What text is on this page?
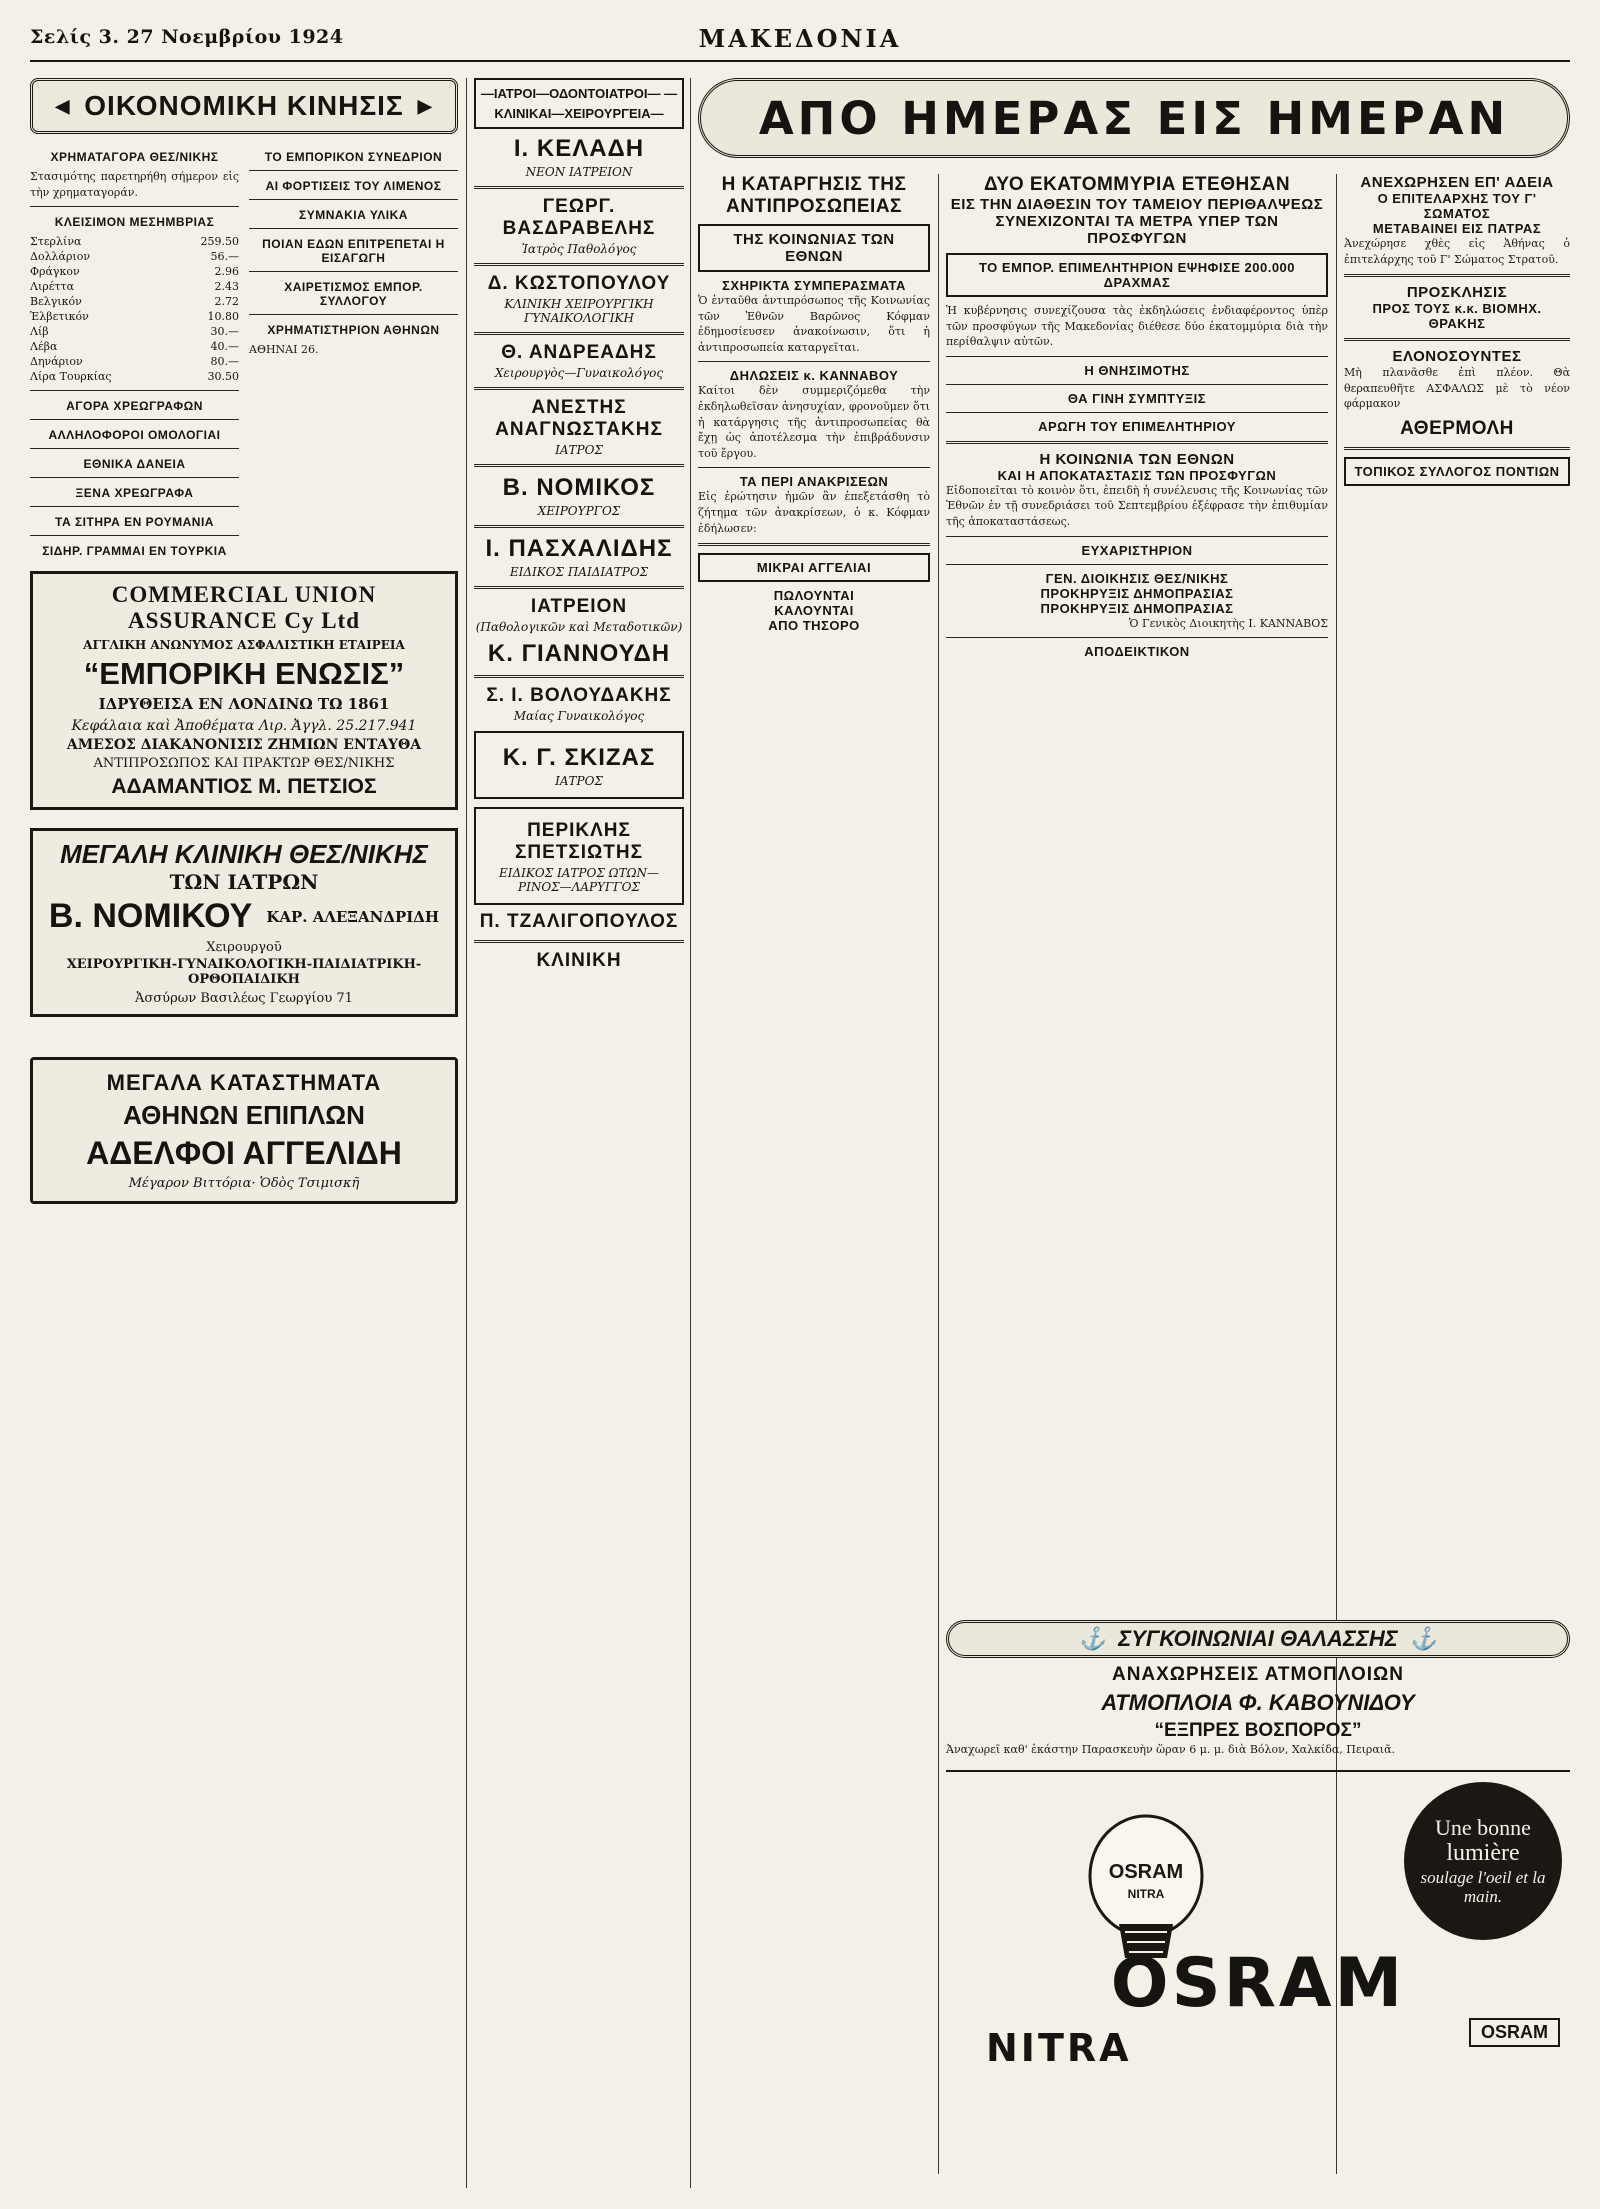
Σελίς 3. 27 Νοεμβρίου 1924	ΜΑΚΕΔΟΝΙΑ
◀ ΟΙΚΟΝΟΜΙΚΗ ΚΙΝΗΣΙΣ ▶
ΧΡΗΜΑΤΑΓΟΡΑ ΘΕΣ/ΝΙΚΗΣ
Στασιμότης παρετηρήθη σήμερον εἰς τὴν χρηματαγοράν.
ΚΛΕΙΣΙΜΟΝ ΜΕΣΗΜΒΡΙΑΣ
Στερλίνα	259.50
Δολλάριον	56.—
Φράγκον	2.96
Λιρέττα	2.43
Βελγικόν	2.72
Ἑλβετικόν	10.80
Λίβ	30.—
Λέβα	40.—
Δηνάριον	80.—
Λίρα Τουρκίας	30.50
ΑΓΟΡΑ ΧΡΕΩΓΡΑΦΩΝ
ΑΛΛΗΛΟΦΟΡΟΙ ΟΜΟΛΟΓΙΑΙ
ΕΘΝΙΚΑ ΔΑΝΕΙΑ
ΞΕΝΑ ΧΡΕΩΓΡΑΦΑ
ΤΑ ΣΙΤΗΡΑ ΕΝ ΡΟΥΜΑΝΙΑ
ΣΙΔΗΡ. ΓΡΑΜΜΑΙ ΕΝ ΤΟΥΡΚΙΑ
ΤΟ ΕΜΠΟΡΙΚΟΝ ΣΥΝΕΔΡΙΟΝ
ΑΙ ΦΟΡΤΙΣΕΙΣ ΤΟΥ ΛΙΜΕΝΟΣ
ΣΥΜΝΑΚΙΑ ΥΛΙΚΑ
ΠΟΙΑΝ ΕΔΩΝ ΕΠΙΤΡΕΠΕΤΑΙ Η ΕΙΣΑΓΩΓΗ
ΧΑΙΡΕΤΙΣΜΟΣ ΕΜΠΟΡ. ΣΥΛΛΟΓΟΥ
ΧΡΗΜΑΤΙΣΤΗΡΙΟΝ ΑΘΗΝΩΝ
ΑΘΗΝΑΙ 26.
COMMERCIAL UNION ASSURANCE Cy Ltd
ΑΓΓΛΙΚΗ ΑΝΩΝΥΜΟΣ ΑΣΦΑΛΙΣΤΙΚΗ ΕΤΑΙΡΕΙΑ
“ΕΜΠΟΡΙΚΗ ΕΝΩΣΙΣ”
ΙΔΡΥΘΕΙΣΑ ΕΝ ΛΟΝΔΙΝΩ ΤΩ 1861
Κεφάλαια καὶ Ἀποθέματα Λιρ. Ἀγγλ. 25.217.941
ΑΜΕΣΟΣ ΔΙΑΚΑΝΟΝΙΣΙΣ ΖΗΜΙΩΝ ΕΝΤΑΥΘΑ
ΑΝΤΙΠΡΟΣΩΠΟΣ ΚΑΙ ΠΡΑΚΤΩΡ ΘΕΣ/ΝΙΚΗΣ
ΑΔΑΜΑΝΤΙΟΣ Μ. ΠΕΤΣΙΟΣ
ΜΕΓΑΛΗ ΚΛΙΝΙΚΗ ΘΕΣ/ΝΙΚΗΣ
ΤΩΝ ΙΑΤΡΩΝ
Β. ΝΟΜΙΚΟΥ ΚΑΡ. ΑΛΕΞΑΝΔΡΙΔΗ
Χειρουργοῦ
ΧΕΙΡΟΥΡΓΙΚΗ-ΓΥΝΑΙΚΟΛΟΓΙΚΗ-ΠΑΙΔΙΑΤΡΙΚΗ-ΟΡΘΟΠΑΙΔΙΚΗ
Ἀσσύρων Βασιλέως Γεωργίου 71
ΜΕΓΑΛΑ ΚΑΤΑΣΤΗΜΑΤΑ
ΑΘΗΝΩΝ ΕΠΙΠΛΩΝ
ΑΔΕΛΦΟΙ ΑΓΓΕΛΙΔΗ
Μέγαρον Βιττόρια· Ὁδὸς Τσιμισκῆ
—ΙΑΤΡΟΙ—ΟΔΟΝΤΟΙΑΤΡΟΙ— —ΚΛΙΝΙΚΑΙ—ΧΕΙΡΟΥΡΓΕΙΑ—
Ι. ΚΕΛΑΔΗ
ΝΕΟΝ ΙΑΤΡΕΙΟΝ
ΓΕΩΡΓ. ΒΑΣΔΡΑΒΕΛΗΣ
Ἰατρὸς Παθολόγος
Δ. ΚΩΣΤΟΠΟΥΛΟΥ
ΚΛΙΝΙΚΗ ΧΕΙΡΟΥΡΓΙΚΗ ΓΥΝΑΙΚΟΛΟΓΙΚΗ
Θ. ΑΝΔΡΕΑΔΗΣ
Χειρουργὸς—Γυναικολόγος
ΑΝΕΣΤΗΣ ΑΝΑΓΝΩΣΤΑΚΗΣ
ΙΑΤΡΟΣ
Β. ΝΟΜΙΚΟΣ
ΧΕΙΡΟΥΡΓΟΣ
Ι. ΠΑΣΧΑΛΙΔΗΣ
ΕΙΔΙΚΟΣ ΠΑΙΔΙΑΤΡΟΣ
ΙΑΤΡΕΙΟΝ
(Παθολογικῶν καὶ Μεταδοτικῶν)
Κ. ΓΙΑΝΝΟΥΔΗ
Σ. Ι. ΒΟΛΟΥΔΑΚΗΣ
Μαίας Γυναικολόγος
Κ. Γ. ΣΚΙΖΑΣ
ΙΑΤΡΟΣ
ΠΕΡΙΚΛΗΣ ΣΠΕΤΣΙΩΤΗΣ
ΕΙΔΙΚΟΣ ΙΑΤΡΟΣ ΩΤΩΝ—ΡΙΝΟΣ—ΛΑΡΥΓΓΟΣ
Π. ΤΖΑΛΙΓΟΠΟΥΛΟΣ
ΚΛΙΝΙΚΗ
ΑΠΟ ΗΜΕΡΑΣ ΕΙΣ ΗΜΕΡΑΝ
Η ΚΑΤΑΡΓΗΣΙΣ ΤΗΣ ΑΝΤΙΠΡΟΣΩΠΕΙΑΣ
ΤΗΣ ΚΟΙΝΩΝΙΑΣ ΤΩΝ ΕΘΝΩΝ
ΣΧΗΡΙΚΤΑ ΣΥΜΠΕΡΑΣΜΑΤΑ
Ὁ ἐνταῦθα ἀντιπρόσωπος τῆς Κοινωνίας τῶν Ἐθνῶν Βαρῶνος Κόφμαν ἐδημοσίευσεν ἀνακοίνωσιν, ὅτι ἡ ἀντιπροσωπεία καταργεῖται.
ΔΗΛΩΣΕΙΣ κ. ΚΑΝΝΑΒΟΥ
Καίτοι δὲν συμμεριζόμεθα τὴν ἐκδηλωθεῖσαν ἀνησυχίαν, φρονοῦμεν ὅτι ἡ κατάργησις τῆς ἀντιπροσωπείας θὰ ἔχῃ ὡς ἀποτέλεσμα τὴν ἐπιβράδυνσιν τοῦ ἔργου.
ΤΑ ΠΕΡΙ ΑΝΑΚΡΙΣΕΩΝ
Εἰς ἐρώτησιν ἡμῶν ἂν ἐπεξετάσθη τὸ ζήτημα τῶν ἀνακρίσεων, ὁ κ. Κόφμαν ἐδήλωσεν:
ΜΙΚΡΑΙ ΑΓΓΕΛΙΑΙ
ΠΩΛΟΥΝΤΑΙ
ΚΑΛΟΥΝΤΑΙ
ΑΠΟ ΤΗΣΟΡΟ
ΔΥΟ ΕΚΑΤΟΜΜΥΡΙΑ ΕΤΕΘΗΣΑΝ
ΕΙΣ ΤΗΝ ΔΙΑΘΕΣΙΝ ΤΟΥ ΤΑΜΕΙΟΥ ΠΕΡΙΘΑΛΨΕΩΣ
ΣΥΝΕΧΙΖΟΝΤΑΙ ΤΑ ΜΕΤΡΑ ΥΠΕΡ ΤΩΝ ΠΡΟΣΦΥΓΩΝ
ΤΟ ΕΜΠΟΡ. ΕΠΙΜΕΛΗΤΗΡΙΟΝ ΕΨΗΦΙΣΕ 200.000 ΔΡΑΧΜΑΣ
Ἡ κυβέρνησις συνεχίζουσα τὰς ἐκδηλώσεις ἐνδιαφέροντος ὑπὲρ τῶν προσφύγων τῆς Μακεδονίας διέθεσε δύο ἑκατομμύρια διὰ τὴν περίθαλψιν αὐτῶν.
Η ΘΝΗΣΙΜΟΤΗΣ
ΘΑ ΓΙΝΗ ΣΥΜΠΤΥΞΙΣ
ΑΡΩΓΗ ΤΟΥ ΕΠΙΜΕΛΗΤΗΡΙΟΥ
Η ΚΟΙΝΩΝΙΑ ΤΩΝ ΕΘΝΩΝ
ΚΑΙ Η ΑΠΟΚΑΤΑΣΤΑΣΙΣ ΤΩΝ ΠΡΟΣΦΥΓΩΝ
Εἰδοποιεῖται τὸ κοινὸν ὅτι, ἐπειδὴ ἡ συνέλευσις τῆς Κοινωνίας τῶν Ἐθνῶν ἐν τῇ συνεδριάσει τοῦ Σεπτεμβρίου ἐξέφρασε τὴν ἐπιθυμίαν τῆς ἀποκαταστάσεως.
ΕΥΧΑΡΙΣΤΗΡΙΟΝ
ΓΕΝ. ΔΙΟΙΚΗΣΙΣ ΘΕΣ/ΝΙΚΗΣ
ΠΡΟΚΗΡΥΞΙΣ ΔΗΜΟΠΡΑΣΙΑΣ
ΠΡΟΚΗΡΥΞΙΣ ΔΗΜΟΠΡΑΣΙΑΣ
Ὁ Γενικὸς Διοικητὴς Ι. ΚΑΝΝΑΒΟΣ
ΑΠΟΔΕΙΚΤΙΚΟΝ
ΑΝΕΧΩΡΗΣΕΝ ΕΠ' ΑΔΕΙΑ
Ο ΕΠΙΤΕΛΑΡΧΗΣ ΤΟΥ Γ' ΣΩΜΑΤΟΣ
ΜΕΤΑΒΑΙΝΕΙ ΕΙΣ ΠΑΤΡΑΣ
Ἀνεχώρησε χθὲς εἰς Ἀθήνας ὁ ἐπιτελάρχης τοῦ Γ' Σώματος Στρατοῦ.
ΠΡΟΣΚΛΗΣΙΣ
ΠΡΟΣ ΤΟΥΣ κ.κ. ΒΙΟΜΗΧ. ΘΡΑΚΗΣ
ΕΛΟΝΟΣΟΥΝΤΕΣ
Μὴ πλανᾶσθε ἐπὶ πλέον. Θὰ θεραπευθῆτε ΑΣΦΑΛΩΣ μὲ τὸ νέον φάρμακον
ΑΘΕΡΜΟΛΗ
ΤΟΠΙΚΟΣ ΣΥΛΛΟΓΟΣ ΠΟΝΤΙΩΝ
⚓ ΣΥΓΚΟΙΝΩΝΙΑΙ ΘΑΛΑΣΣΗΣ ⚓
ΑΝΑΧΩΡΗΣΕΙΣ ΑΤΜΟΠΛΟΙΩΝ
ΑΤΜΟΠΛΟΙΑ Φ. ΚΑΒΟΥΝΙΔΟΥ
“ΕΞΠΡΕΣ ΒΟΣΠΟΡΟΣ”
Ἀναχωρεῖ καθ' ἑκάστην Παρασκευὴν ὥραν 6 μ. μ. διὰ Βόλον, Χαλκίδα, Πειραιᾶ.
OSRAM
NITRA
Une bonne
lumière
soulage l'oeil et la main.
OSRAM
NITRA	OSRAM
